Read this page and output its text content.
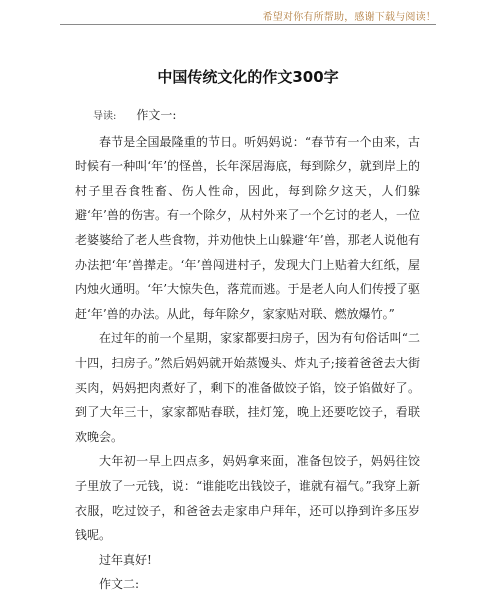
希望对你有所帮助，感谢下载与阅读！
中国传统文化的作文300字

导读: 作文一:

春节是全国最隆重的节日。听妈妈说：“春节有一个由来，古时候有一种叫‘年’的怪兽，长年深居海底，每到除夕，就到岸上的村子里吞食牲畜、伤人性命，因此，每到除夕这天，人们躲避‘年’兽的伤害。有一个除夕，从村外来了一个乞讨的老人，一位老婆婆给了老人些食物，并劝他快上山躲避‘年’兽，那老人说他有办法把‘年’兽撵走。‘年’兽闯进村子，发现大门上贴着大红纸，屋内烛火通明。‘年’大惊失色，落荒而逃。于是老人向人们传授了驱赶‘年’兽的办法。从此，每年除夕，家家贴对联、燃放爆竹。”

在过年的前一个星期，家家都要扫房子，因为有句俗话叫“二十四，扫房子。”然后妈妈就开始蒸馒头、炸丸子;接着爸爸去大街买肉，妈妈把肉煮好了，剩下的准备做饺子馅，饺子馅做好了。到了大年三十，家家都贴春联，挂灯笼，晚上还要吃饺子，看联欢晚会。

大年初一早上四点多，妈妈拿来面，准备包饺子，妈妈往饺子里放了一元钱，说：“谁能吃出钱饺子，谁就有福气。”我穿上新衣服，吃过饺子，和爸爸去走家串户拜年，还可以挣到许多压岁钱呢。

过年真好!

作文二:
